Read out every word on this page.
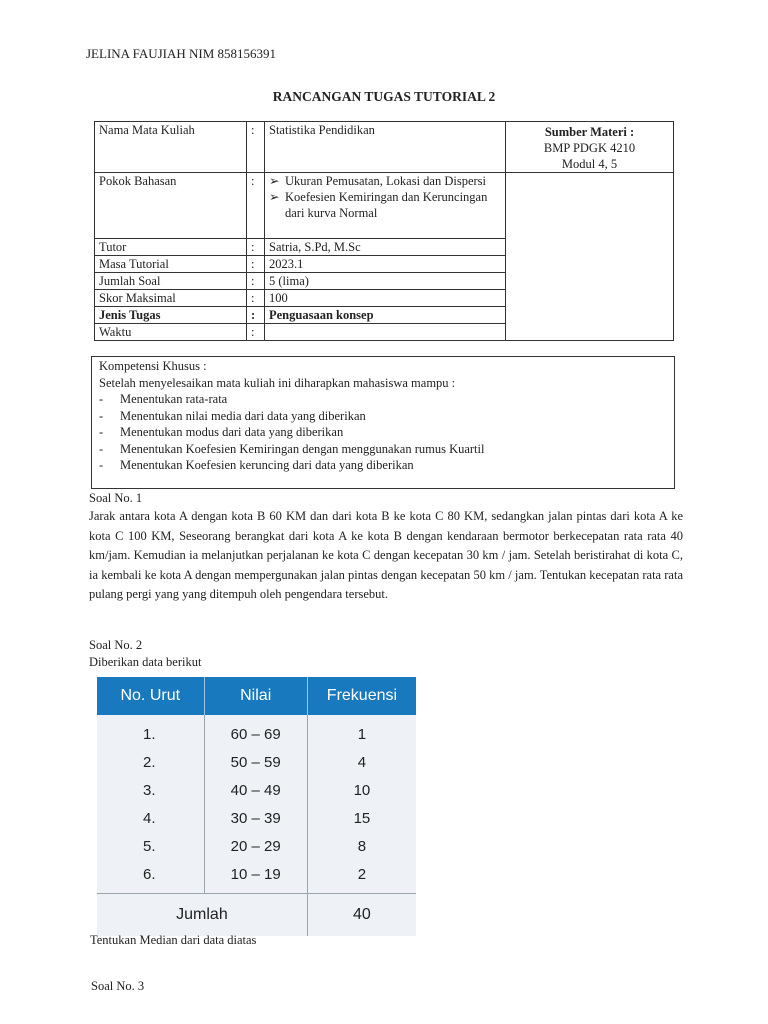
JELINA FAUJIAH NIM 858156391
RANCANGAN TUGAS TUTORIAL 2
Nama Mata Kuliah	:	Statistika Pendidikan	Sumber Materi :
BMP PDGK 4210
Modul 4, 5

Pokok Bahasan	:	➢ Ukuran Pemusatan, Lokasi dan Dispersi
➢ Koefesien Kemiringan dan Keruncingan dari kurva Normal	

Tutor	:	Satria, S.Pd, M.Sc	
Masa Tutorial	:	2023.1	
Jumlah Soal	:	5 (lima)	
Skor Maksimal	:	100	
Jenis Tugas	:	Penguasaan konsep	
Waktu	:		
Kompetensi Khusus :
Setelah menyelesaikan mata kuliah ini diharapkan mahasiswa mampu :
-	Menentukan rata-rata
-	Menentukan nilai media dari data yang diberikan
-	Menentukan modus dari data yang diberikan
-	Menentukan Koefesien Kemiringan dengan menggunakan rumus Kuartil
-	Menentukan Koefesien keruncing dari data yang diberikan
Soal No. 1
Jarak antara kota A dengan kota B 60 KM dan dari kota B ke kota C 80 KM, sedangkan jalan pintas dari kota A ke kota C 100 KM, Seseorang berangkat dari kota A ke kota B dengan kendaraan bermotor berkecepatan rata rata 40 km/jam. Kemudian ia melanjutkan perjalanan ke kota C dengan kecepatan 30 km / jam. Setelah beristirahat di kota C, ia kembali ke kota A dengan mempergunakan jalan pintas dengan kecepatan 50 km / jam. Tentukan kecepatan rata rata pulang pergi yang yang ditempuh oleh pengendara tersebut.
Soal No. 2
Diberikan data berikut
No. Urut	Nilai	Frekuensi
1.	60 – 69	1
2.	50 – 59	4
3.	40 – 49	10
4.	30 – 39	15
5.	20 – 29	8
6.	10 – 19	2
Jumlah		40
Tentukan Median dari data diatas
Soal No. 3
